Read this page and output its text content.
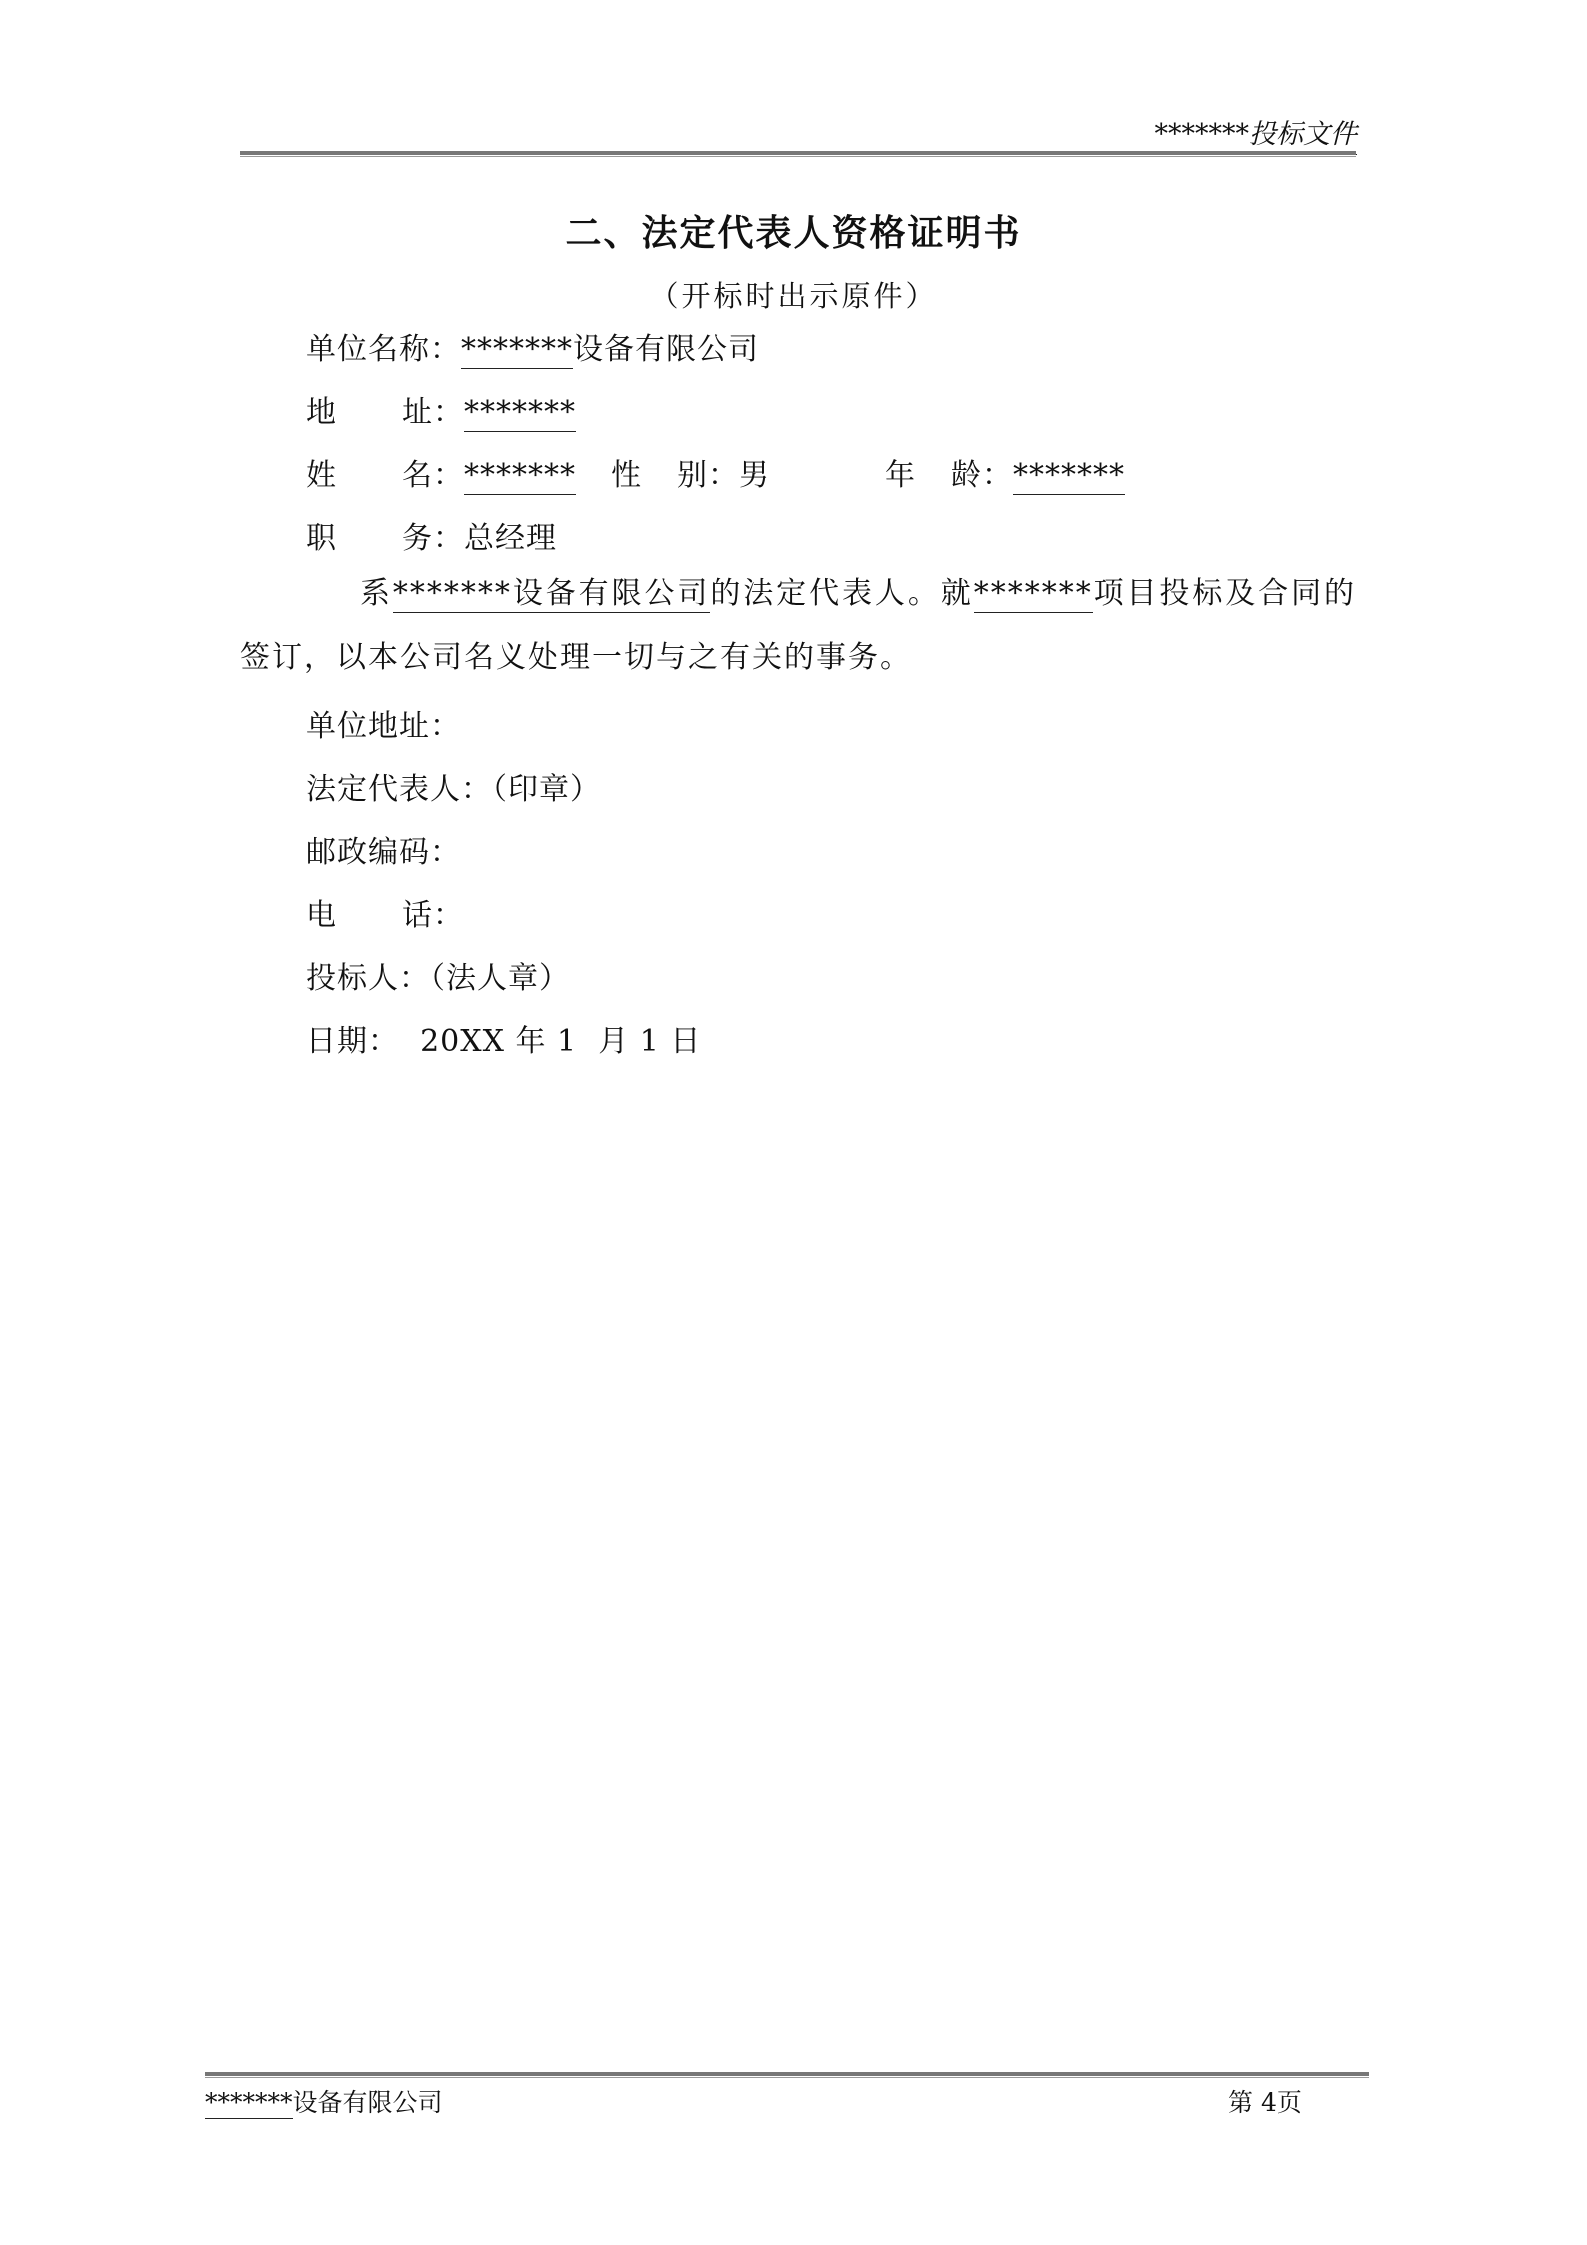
*******投标文件
二、法定代表人资格证明书
（开标时出示原件）
单位名称：*******设备有限公司
地 址：*******
姓 名：******* 性 别：男	年 龄：*******
职 务：总经理
系*******设备有限公司的法定代表人。就*******项目投标及合同的签订，以本公司名义处理一切与之有关的事务。
单位地址：
法定代表人：（印章）
邮政编码：
电 话：
投标人：（法人章）
日期：  20XX 年 1  月 1 日
*******设备有限公司	第 4页
